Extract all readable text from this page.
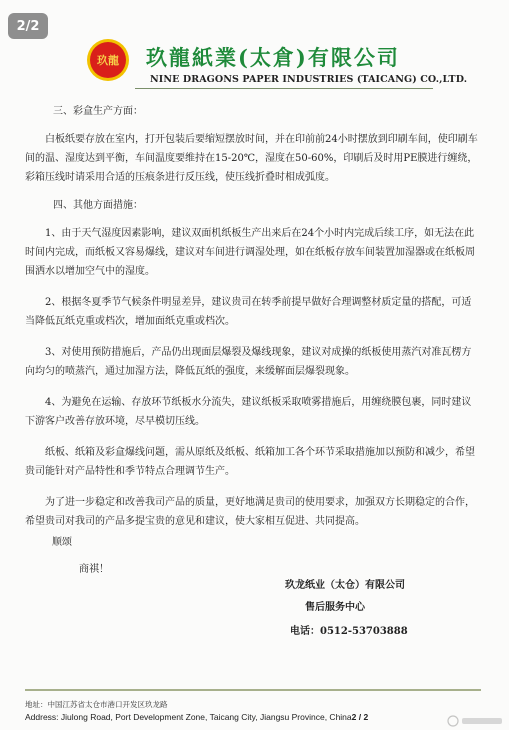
2/2
玖龍 玖龍紙業(太倉)有限公司
NINE DRAGONS PAPER INDUSTRIES (TAICANG) CO.,LTD.

三、彩盒生产方面：

白板纸要存放在室内，打开包装后要缩短摆放时间，并在印前前24小时摆放到印刷车间，使印刷车间的温、湿度达到平衡，车间温度要维持在15-20℃，湿度在50-60%，印刷后及时用PE膜进行缠绕，彩箱压线时请采用合适的压痕条进行反压线，使压线折叠时相成弧度。

四、其他方面措施：

1、由于天气湿度因素影响，建议双面机纸板生产出来后在24个小时内完成后续工序，如无法在此时间内完成，而纸板又容易爆线，建议对车间进行调湿处理，如在纸板存放车间装置加湿器或在纸板周围洒水以增加空气中的湿度。

2、根据冬夏季节气候条件明显差异，建议贵司在转季前提早做好合理调整材质定量的搭配，可适当降低瓦纸克重或档次，增加面纸克重或档次。

3、对使用预防措施后，产品仍出现面层爆裂及爆线现象，建议对成操的纸板使用蒸汽对准瓦楞方向均匀的喷蒸汽，通过加湿方法，降低瓦纸的强度，来缓解面层爆裂现象。

4、为避免在运输、存放环节纸板水分流失，建议纸板采取喷雾措施后，用缠绕膜包裹，同时建议下游客户改善存放环境，尽早模切压线。

纸板、纸箱及彩盒爆线问题，需从原纸及纸板、纸箱加工各个环节采取措施加以预防和减少，希望贵司能针对产品特性和季节特点合理调节生产。

为了进一步稳定和改善我司产品的质量，更好地满足贵司的使用要求，加强双方长期稳定的合作，希望贵司对我司的产品多提宝贵的意见和建议，使大家相互促进、共同提高。

顺颂

商祺！

玖龙纸业（太仓）有限公司

售后服务中心

电话：0512-53703888

地址：中国江苏省太仓市港口开发区玖龙路
Address: Jiulong Road, Port Development Zone, Taicang City, Jiangsu Province, China2 / 2
